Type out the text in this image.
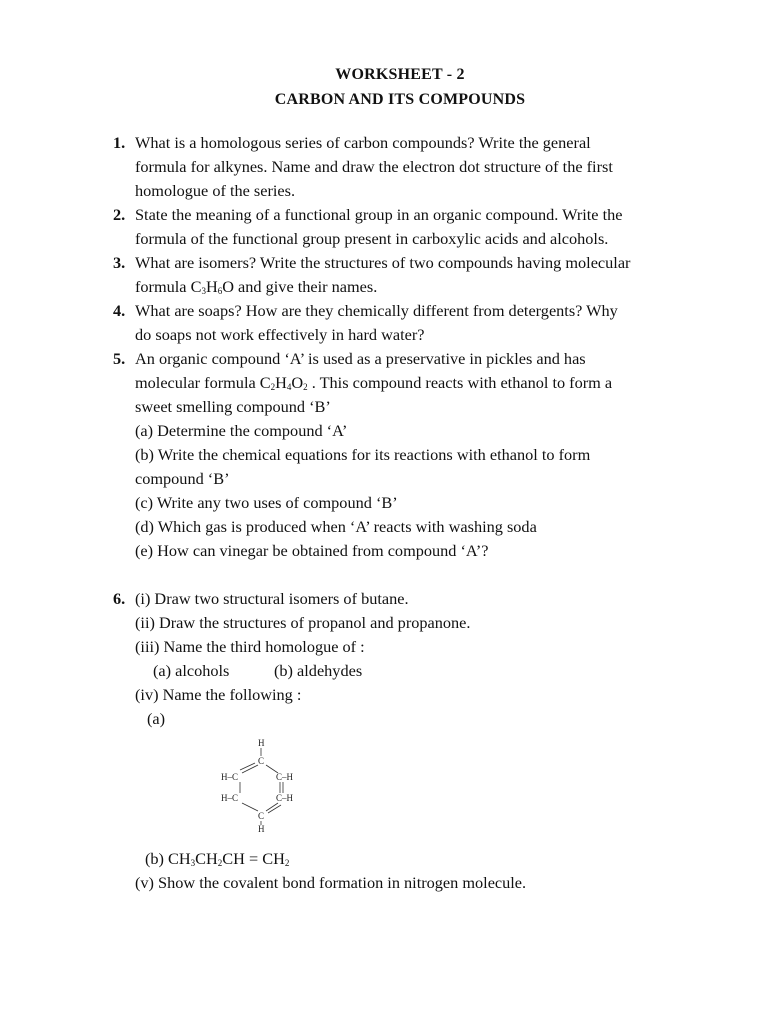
WORKSHEET - 2
CARBON AND ITS COMPOUNDS
1. What is a homologous series of carbon compounds? Write the general
formula for alkynes. Name and draw the electron dot structure of the first
homologue of the series.
2. State the meaning of a functional group in an organic compound. Write the
formula of the functional group present in carboxylic acids and alcohols.
3. What are isomers? Write the structures of two compounds having molecular
formula $C_3H_6O$ and give their names.
4. What are soaps? How are they chemically different from detergents? Why
do soaps not work effectively in hard water?
5. An organic compound ‘A’ is used as a preservative in pickles and has
molecular formula $C_2H_4O_2$ . This compound reacts with ethanol to form a
sweet smelling compound ‘B’
(a) Determine the compound ‘A’
(b) Write the chemical equations for its reactions with ethanol to form
compound ‘B’
(c) Write any two uses of compound ‘B’
(d) Which gas is produced when ‘A’ reacts with washing soda
(e) How can vinegar be obtained from compound ‘A’?
6. (i) Draw two structural isomers of butane.
(ii) Draw the structures of propanol and propanone.
(iii) Name the third homologue of :
(a) alcohols	(b) aldehydes
(iv) Name the following :
(a)
H
C
H–C	C–H
H–C	C–H
C
H
(b) $CH_3CH_2CH = CH_2$
(v) Show the covalent bond formation in nitrogen molecule.
